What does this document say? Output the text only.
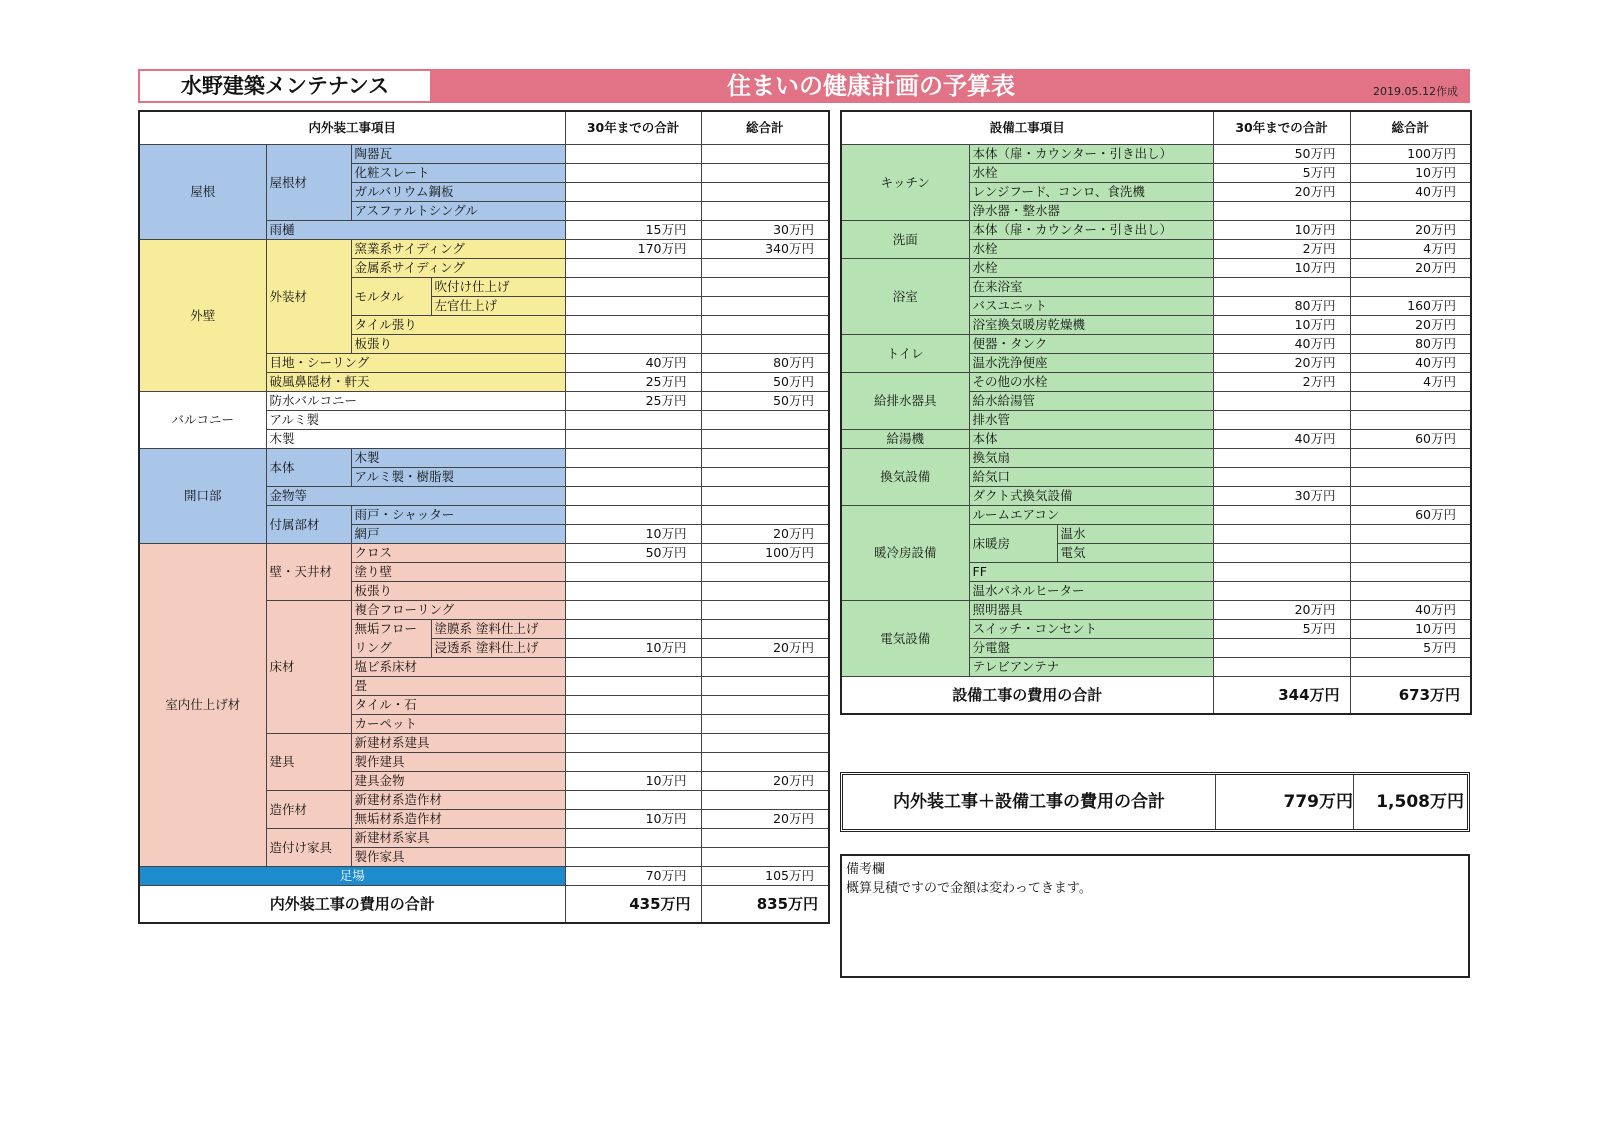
水野建築メンテナンス	住まいの健康計画の予算表	2019.05.12作成
内外装工事項目				30年までの合計	総合計
屋根	屋根材	陶器瓦			
		化粧スレート			
		ガルバリウム鋼板			
		アスファルトシングル			
	雨樋			15万円	30万円
外壁	外装材	窯業系サイディング		170万円	340万円
		金属系サイディング			
		モルタル	吹付け仕上げ		
			左官仕上げ		
		タイル張り			
		板張り			
	目地・シーリング			40万円	80万円
	破風鼻隠材・軒天			25万円	50万円
バルコニー	防水バルコニー			25万円	50万円
	アルミ製				
	木製				
開口部	本体	木製			
		アルミ製・樹脂製			
	金物等				
	付属部材	雨戸・シャッター			
		網戸		10万円	20万円
室内仕上げ材	壁・天井材	クロス		50万円	100万円
		塗り壁			
		板張り			
	床材	複合フローリング			
		無垢フロー	塗膜系 塗料仕上げ		
		リング	浸透系 塗料仕上げ	10万円	20万円
		塩ビ系床材			
		畳			
		タイル・石			
		カーペット			
	建具	新建材系建具			
		製作建具			
		建具金物		10万円	20万円
	造作材	新建材系造作材			
		無垢材系造作材		10万円	20万円
	造付け家具	新建材系家具			
		製作家具			
足場				70万円	105万円
内外装工事の費用の合計				435万円	835万円
設備工事項目			30年までの合計	総合計
キッチン	本体（扉・カウンター・引き出し）		50万円	100万円
	水栓		5万円	10万円
	レンジフード、コンロ、食洗機		20万円	40万円
	浄水器・整水器			
洗面	本体（扉・カウンター・引き出し）		10万円	20万円
	水栓		2万円	4万円
浴室	水栓		10万円	20万円
	在来浴室			
	バスユニット		80万円	160万円
	浴室換気暖房乾燥機		10万円	20万円
トイレ	便器・タンク		40万円	80万円
	温水洗浄便座		20万円	40万円
給排水器具	その他の水栓		2万円	4万円
	給水給湯管			
	排水管			
給湯機	本体		40万円	60万円
換気設備	換気扇			
	給気口			
	ダクト式換気設備		30万円	
暖冷房設備	ルームエアコン			60万円
	床暖房	温水		
		電気		
	FF			
	温水パネルヒーター			
電気設備	照明器具		20万円	40万円
	スイッチ・コンセント		5万円	10万円
	分電盤			5万円
	テレビアンテナ			
設備工事の費用の合計			344万円	673万円
内外装工事＋設備工事の費用の合計	779万円	1,508万円
備考欄
概算見積ですので金額は変わってきます。
